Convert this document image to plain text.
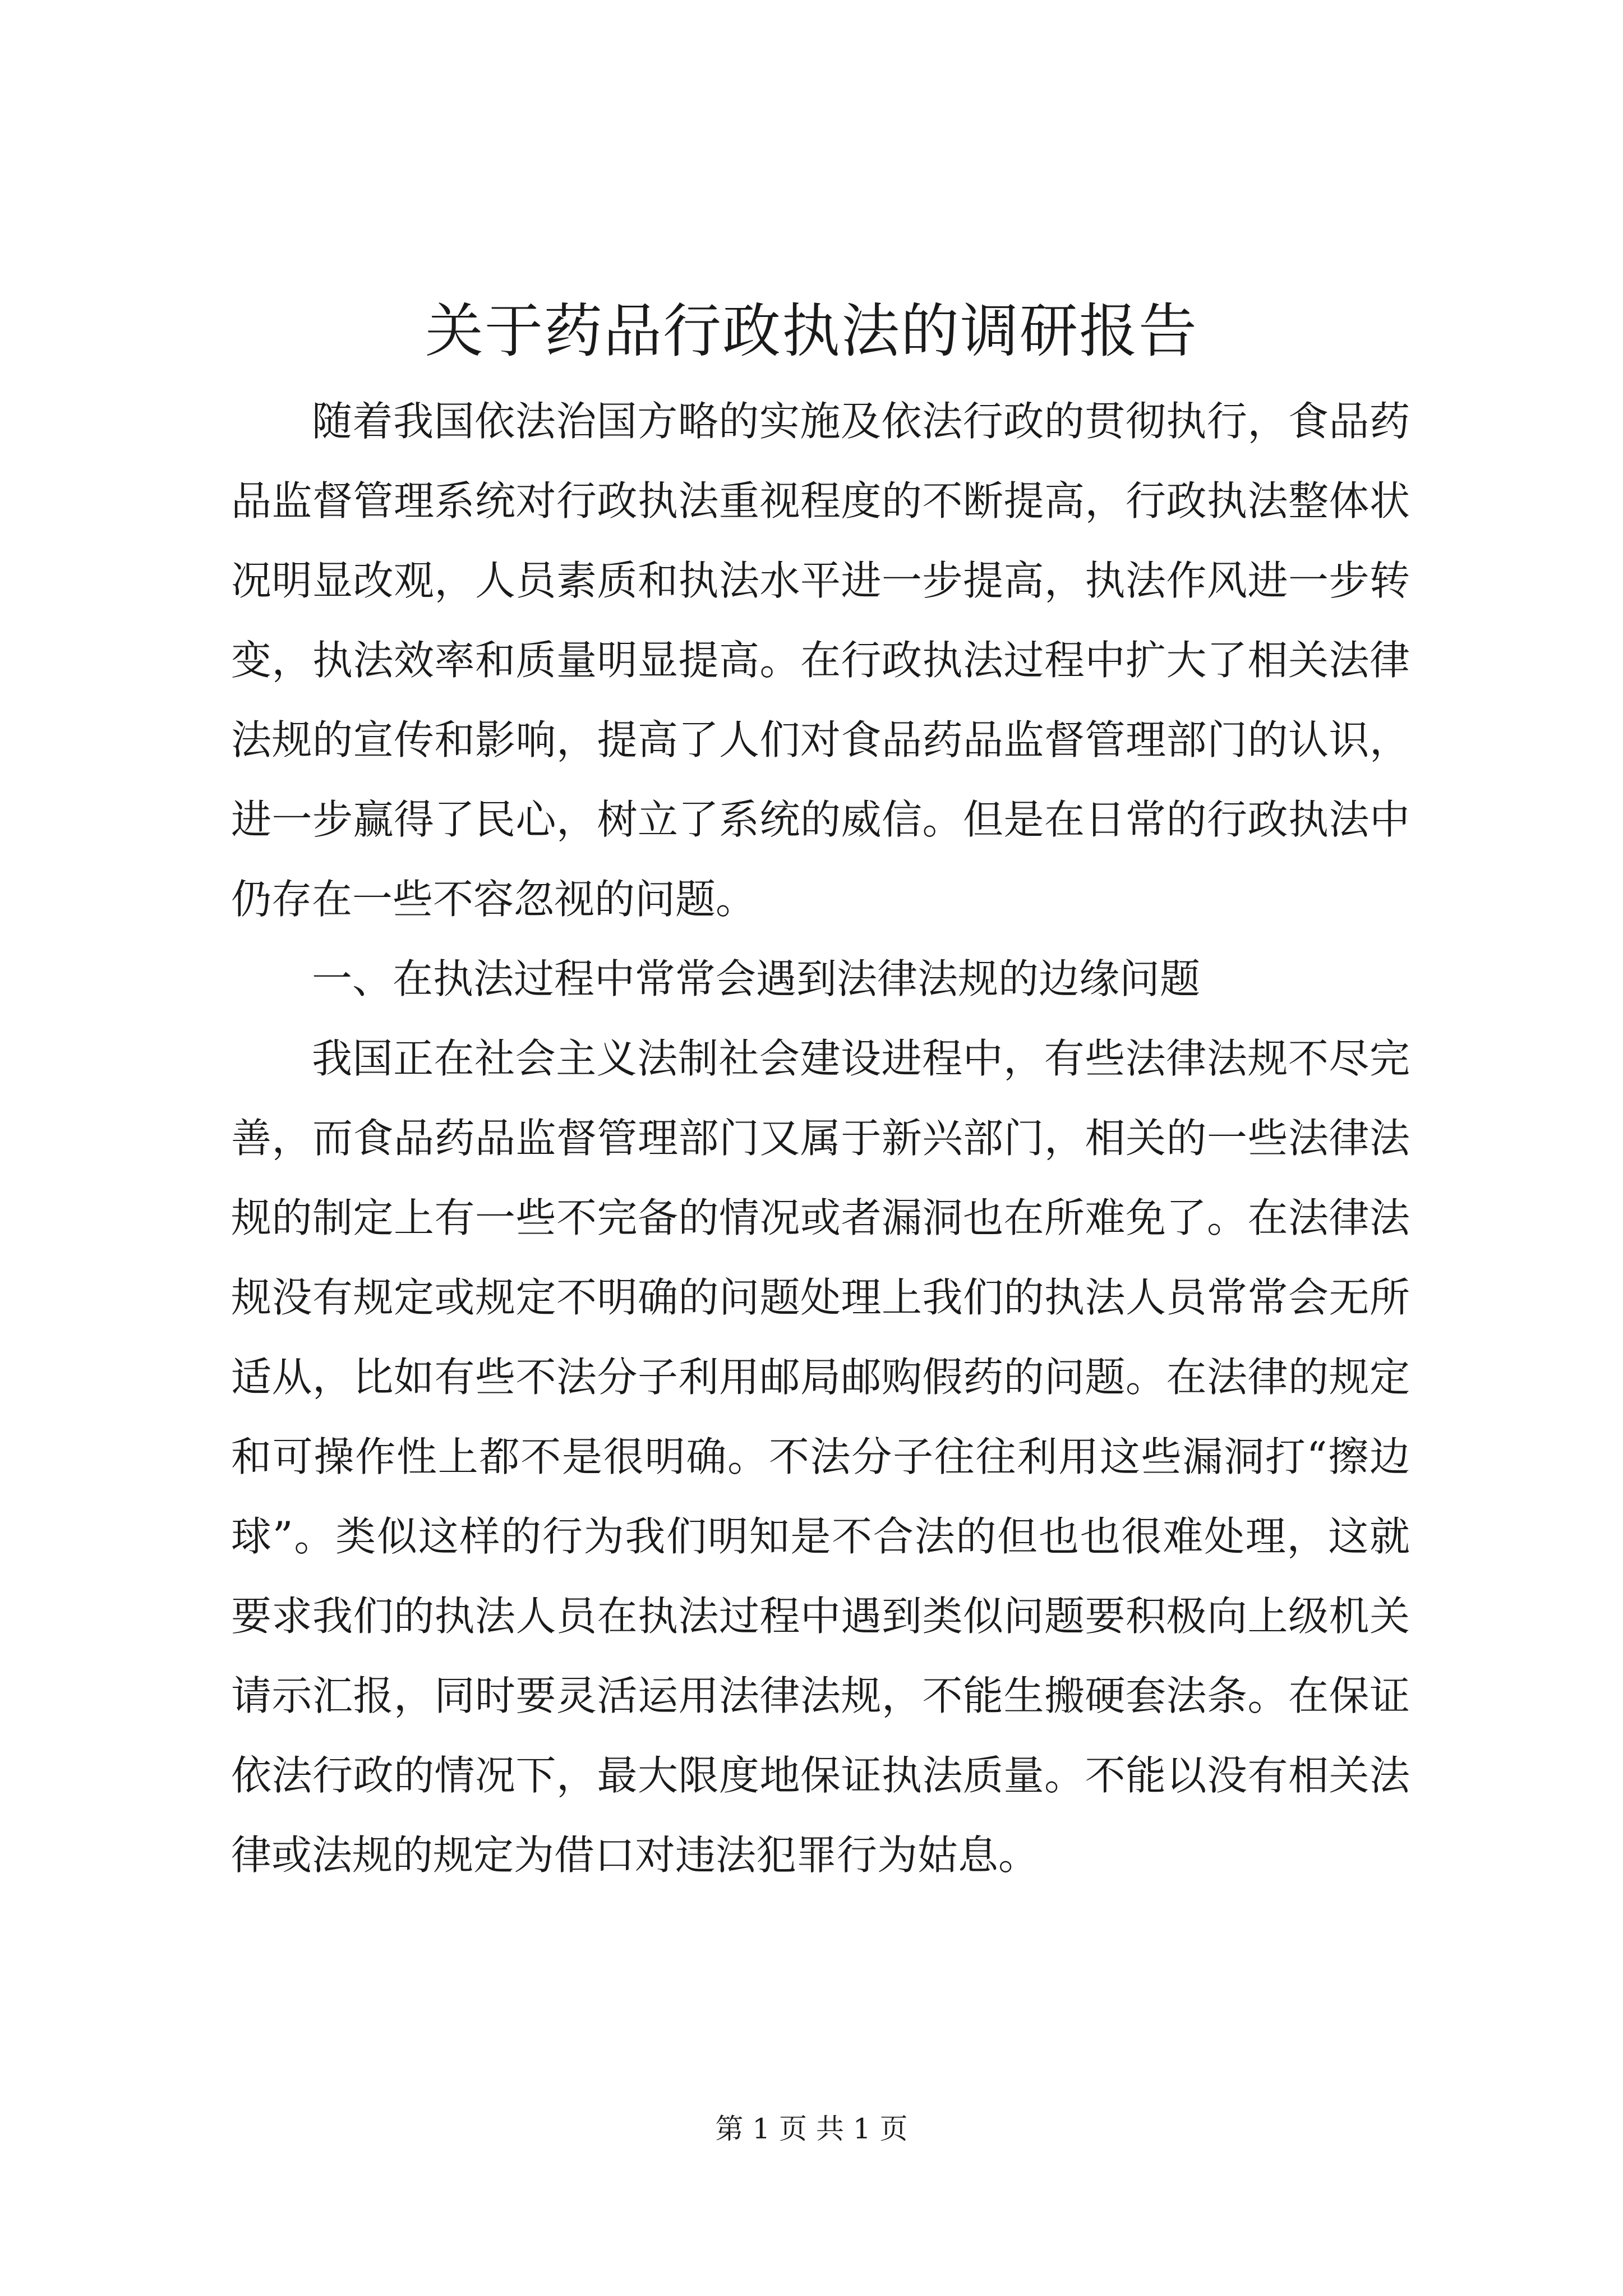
关于药品行政执法的调研报告

随着我国依法治国方略的实施及依法行政的贯彻执行，食品药品监督管理系统对行政执法重视程度的不断提高，行政执法整体状况明显改观，人员素质和执法水平进一步提高，执法作风进一步转变，执法效率和质量明显提高。在行政执法过程中扩大了相关法律法规的宣传和影响，提高了人们对食品药品监督管理部门的认识，进一步赢得了民心，树立了系统的威信。但是在日常的行政执法中仍存在一些不容忽视的问题。

一、在执法过程中常常会遇到法律法规的边缘问题

我国正在社会主义法制社会建设进程中，有些法律法规不尽完善，而食品药品监督管理部门又属于新兴部门，相关的一些法律法规的制定上有一些不完备的情况或者漏洞也在所难免了。在法律法规没有规定或规定不明确的问题处理上我们的执法人员常常会无所适从，比如有些不法分子利用邮局邮购假药的问题。在法律的规定和可操作性上都不是很明确。不法分子往往利用这些漏洞打“擦边球”。类似这样的行为我们明知是不合法的但也也很难处理，这就要求我们的执法人员在执法过程中遇到类似问题要积极向上级机关请示汇报，同时要灵活运用法律法规，不能生搬硬套法条。在保证依法行政的情况下，最大限度地保证执法质量。不能以没有相关法律或法规的规定为借口对违法犯罪行为姑息。

第 1 页 共 1 页
